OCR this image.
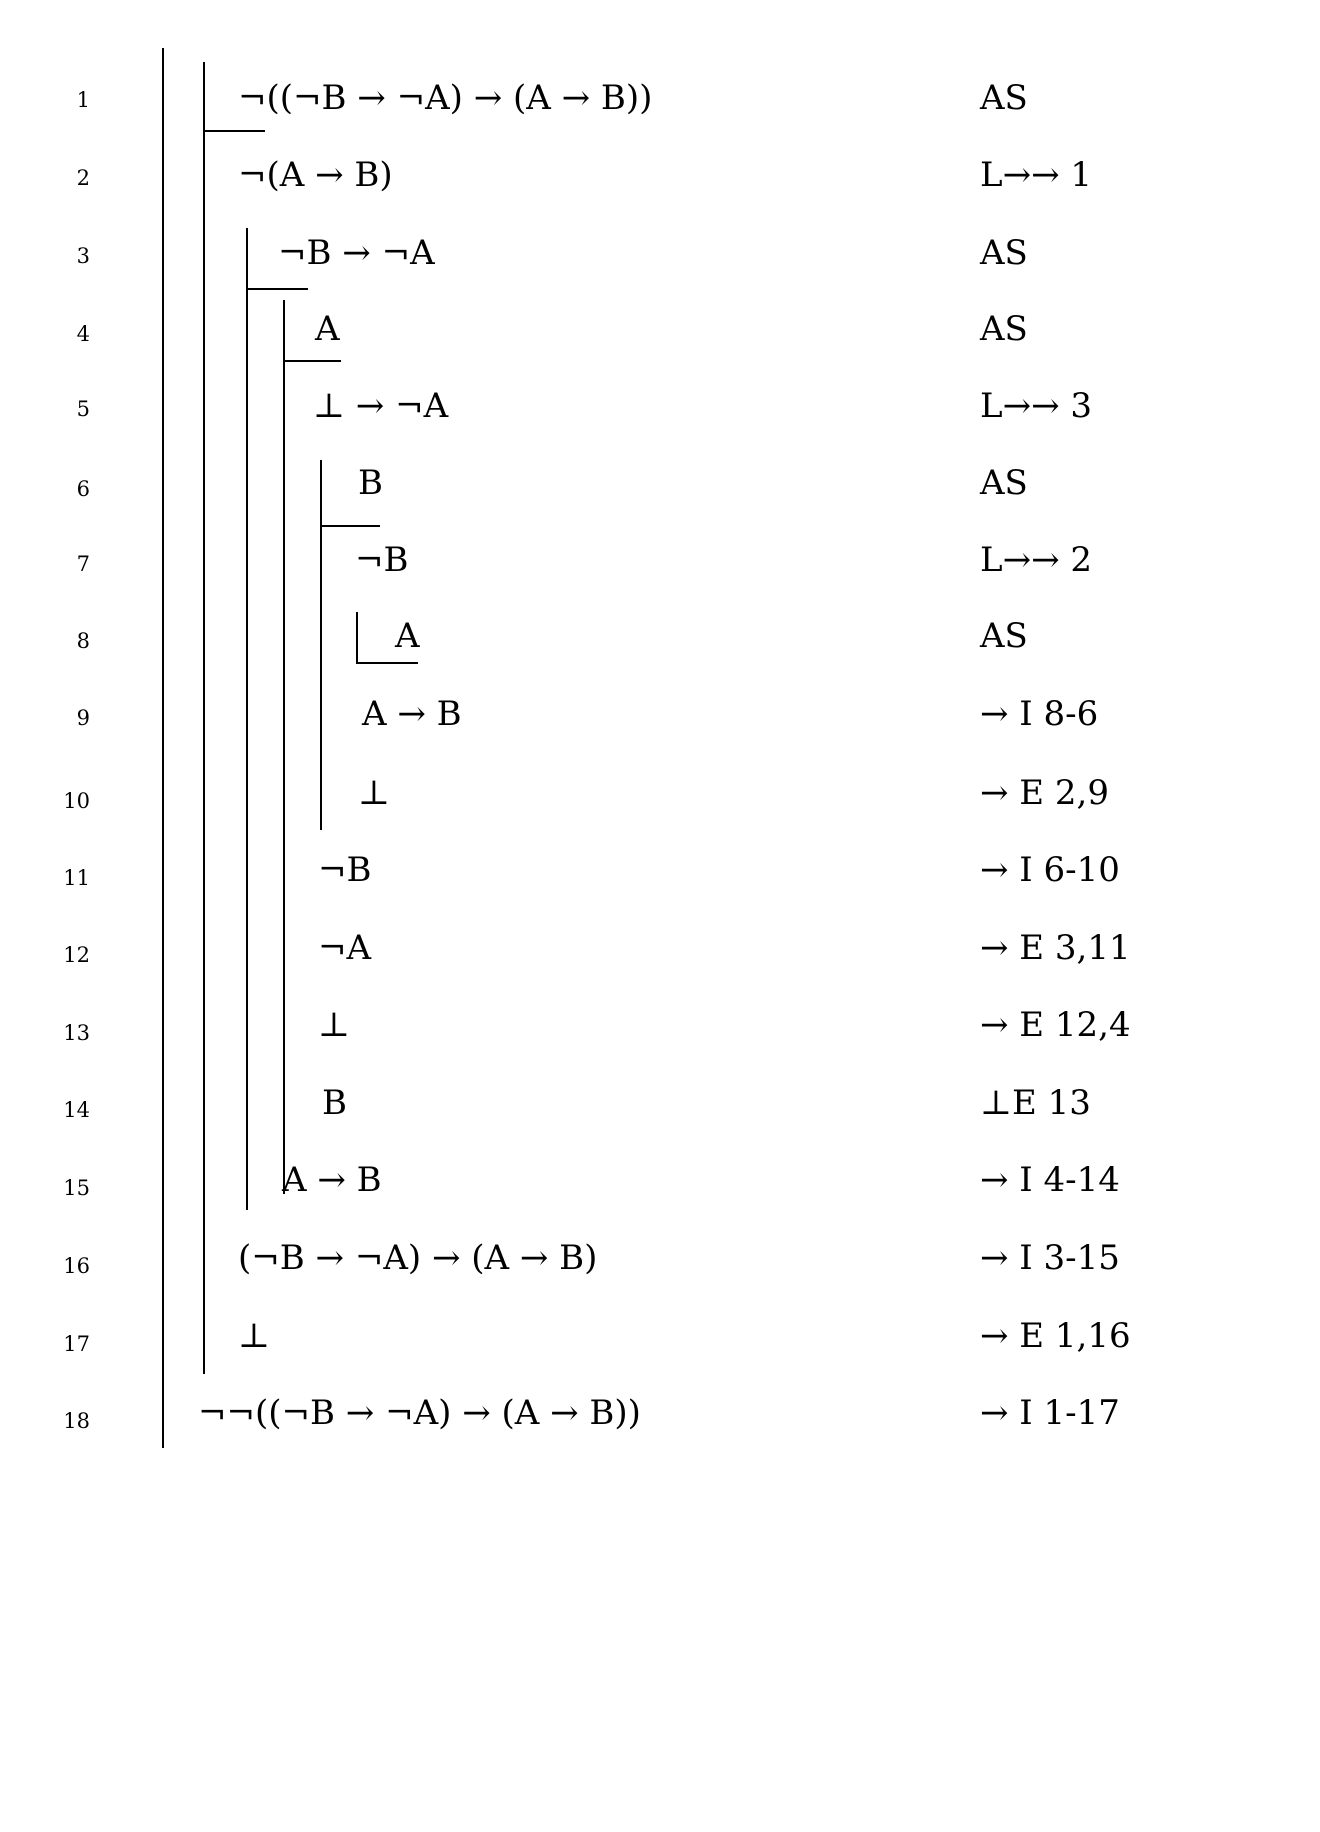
1	¬((¬B → ¬A) → (A → B))	AS
2	¬(A → B)	L→→ 1
3	¬B → ¬A	AS
4	A	AS
5	⊥ → ¬A	L→→ 3
6	B	AS
7	¬B	L→→ 2
8	A	AS
9	A → B	→ I 8-6
10	⊥	→ E 2,9
11	¬B	→ I 6-10
12	¬A	→ E 3,11
13	⊥	→ E 12,4
14	B	⊥E 13
15	A → B	→ I 4-14
16	(¬B → ¬A) → (A → B)	→ I 3-15
17	⊥	→ E 1,16
18	¬¬((¬B → ¬A) → (A → B))	→ I 1-17
